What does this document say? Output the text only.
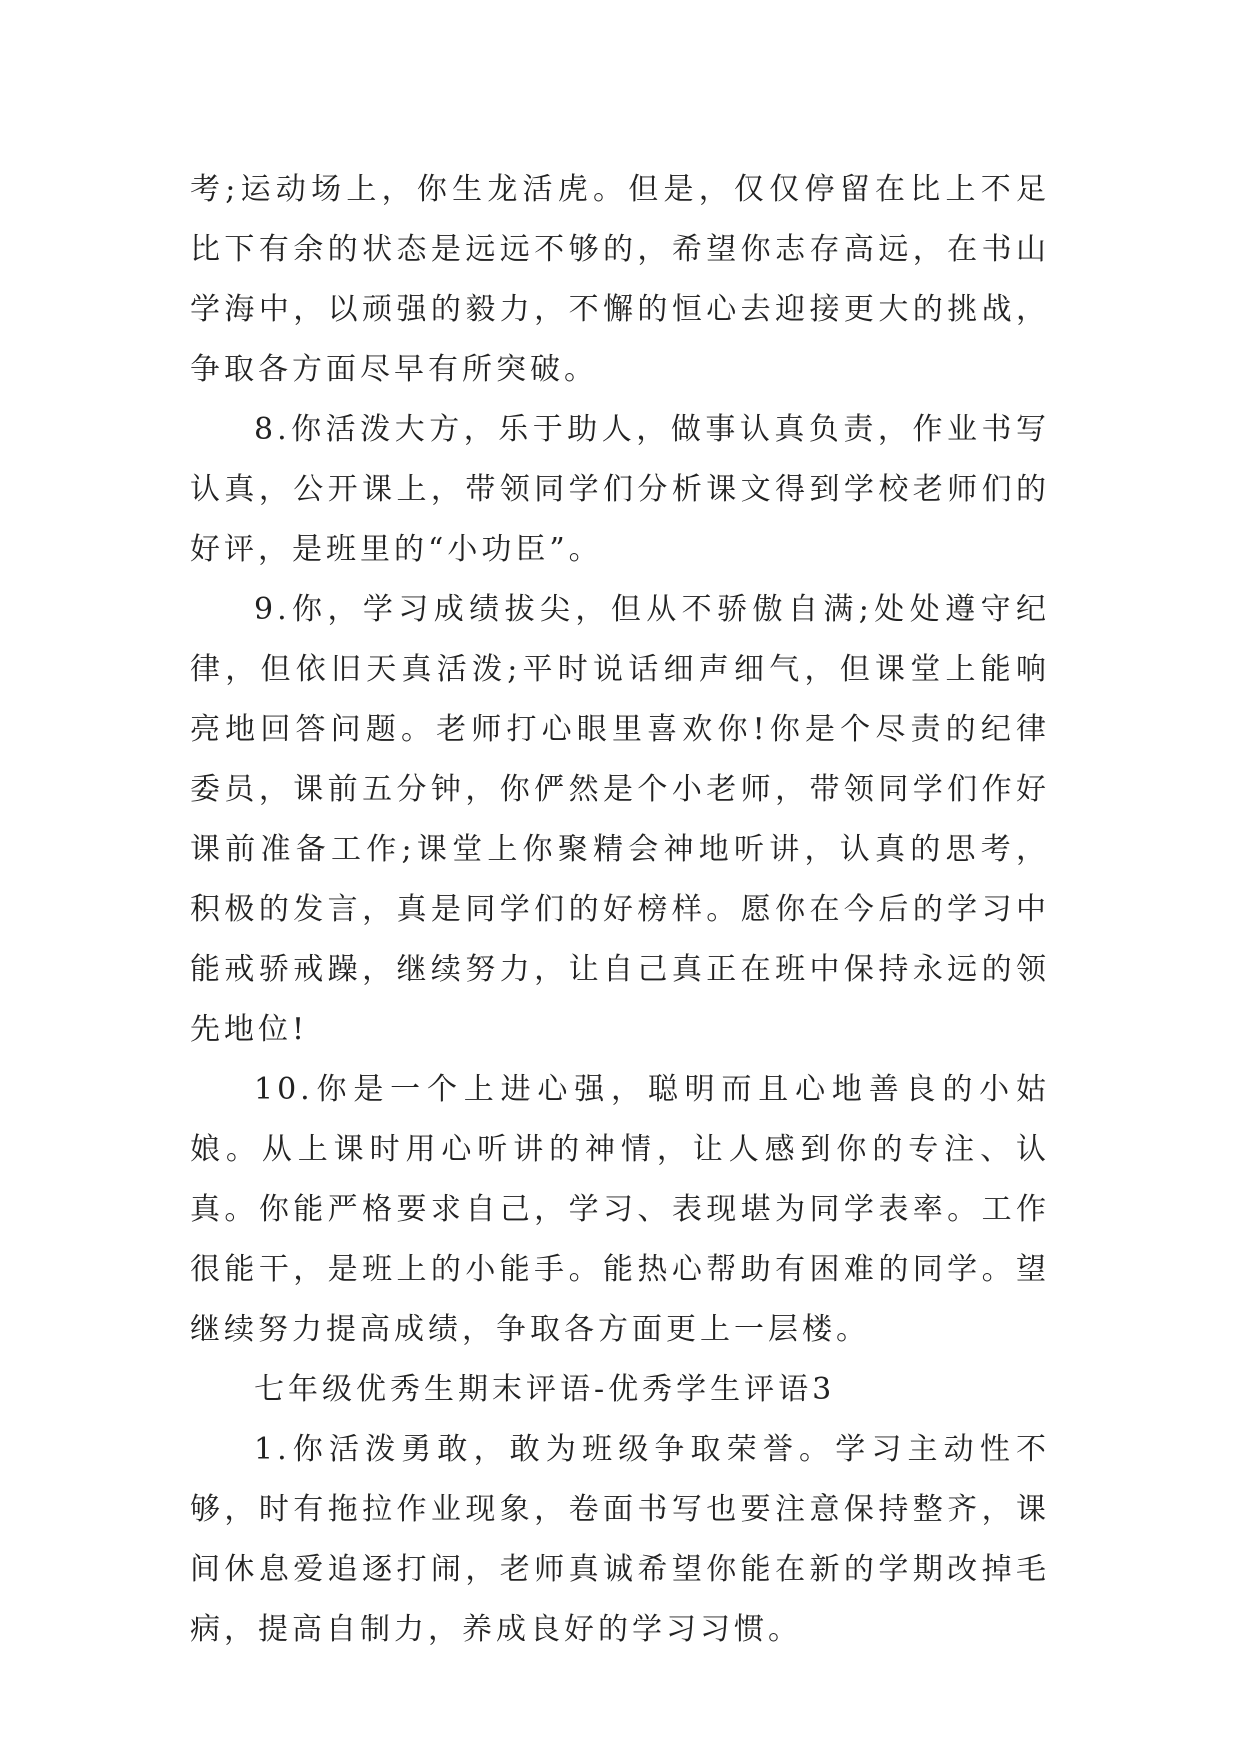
考;运动场上，你生龙活虎。但是，仅仅停留在比上不足比下有余的状态是远远不够的，希望你志存高远，在书山学海中，以顽强的毅力，不懈的恒心去迎接更大的挑战，争取各方面尽早有所突破。

8.你活泼大方，乐于助人，做事认真负责，作业书写认真，公开课上，带领同学们分析课文得到学校老师们的好评，是班里的“小功臣”。

9.你，学习成绩拔尖，但从不骄傲自满;处处遵守纪律，但依旧天真活泼;平时说话细声细气，但课堂上能响亮地回答问题。老师打心眼里喜欢你!你是个尽责的纪律委员，课前五分钟，你俨然是个小老师，带领同学们作好课前准备工作;课堂上你聚精会神地听讲，认真的思考，积极的发言，真是同学们的好榜样。愿你在今后的学习中能戒骄戒躁，继续努力，让自己真正在班中保持永远的领先地位!

10.你是一个上进心强，聪明而且心地善良的小姑娘。从上课时用心听讲的神情，让人感到你的专注、认真。你能严格要求自己，学习、表现堪为同学表率。工作很能干，是班上的小能手。能热心帮助有困难的同学。望继续努力提高成绩，争取各方面更上一层楼。

七年级优秀生期末评语-优秀学生评语3

1.你活泼勇敢，敢为班级争取荣誉。学习主动性不够，时有拖拉作业现象，卷面书写也要注意保持整齐，课间休息爱追逐打闹，老师真诚希望你能在新的学期改掉毛病，提高自制力，养成良好的学习习惯。
